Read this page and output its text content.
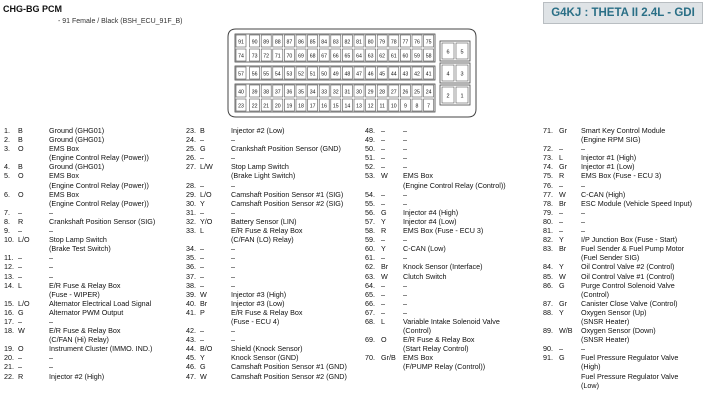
CHG-BG PCM
- 91 Female / Black (BSH_ECU_91F_B)
G4KJ : THETA II 2.4L - GDI
91 90 89 88 87 86 85 84 83 82 81 80 79 78 77 76 75
74 73 72 71 70 69 68 67 66 65 64 63 62 61 60 59 58
57 56 55 54 53 52 51 50 49 48 47 46 45 44 43 42 41
40 39 38 37 36 35 34 33 32 31 30 29 28 27 26 25 24
23 22 21 20 19 18 17 16 15 14 13 12 11 10 9 8 7
6 5
4 3
2 1
1. B	Ground (GHG01)
2. B	Ground (GHG01)
3. O	EMS Box
(Engine Control Relay (Power))
4. B	Ground (GHG01)
5. O	EMS Box
(Engine Control Relay (Power))
6. O	EMS Box
(Engine Control Relay (Power))
7. –	–
8. R	Crankshaft Position Sensor (SIG)
9. –	–
10. L/O	Stop Lamp Switch
(Brake Test Switch)
11. –	–
12. –	–
13. –	–
14. L	E/R Fuse & Relay Box
(Fuse - WIPER)
15. L/O	Alternator Electrical Load Signal
16. G	Alternator PWM Output
17. –	–
18. W	E/R Fuse & Relay Box
(C/FAN (Hi) Relay)
19. O	Instrument Cluster (IMMO. IND.)
20. –	–
21. –	–
22. R	Injector #2 (High)
23. B	Injector #2 (Low)
24. –	–
25. G	Crankshaft Position Sensor (GND)
26. –	–
27. L/W	Stop Lamp Switch
(Brake Light Switch)
28. –	–
29. L/O	Camshaft Position Sensor #1 (SIG)
30. Y	Camshaft Position Sensor #2 (SIG)
31. –	–
32. Y/O	Battery Sensor (LIN)
33. L	E/R Fuse & Relay Box
(C/FAN (LO) Relay)
34. –	–
35. –	–
36. –	–
37. –	–
38. –	–
39. W	Injector #3 (High)
40. Br	Injector #3 (Low)
41. P	E/R Fuse & Relay Box
(Fuse - ECU 4)
42. –	–
43. –	–
44. B/O	Shield (Knock Sensor)
45. Y	Knock Sensor (GND)
46. G	Camshaft Position Sensor #1 (GND)
47. W	Camshaft Position Sensor #2 (GND)
48. –	–
49. –	–
50. –	–
51. –	–
52. –	–
53. W EMS Box
(Engine Control Relay (Control))
54. –	–
55. –	–
56. G Injector #4 (High)
57. Y Injector #4 (Low)
58. R EMS Box (Fuse - ECU 3)
59. –	–
60. Y C-CAN (Low)
61. –	–
62. Br Knock Sensor (Interface)
63. W Clutch Switch
64. –	–
65. –	–
66. –	–
67. –	–
68. L	Variable Intake Solenoid Valve
(Control)
69. O E/R Fuse & Relay Box
(Start Relay Control)
70. Gr/B EMS Box
(F/PUMP Relay (Control))
71. Gr Smart Key Control Module
(Engine RPM SIG)
72. –	–
73. L	Injector #1 (High)
74. Gr Injector #1 (Low)
75. R EMS Box (Fuse - ECU 3)
76. –	–
77. W C-CAN (High)
78. Br ESC Module (Vehicle Speed Input)
79. –	–
80. –	–
81. –	–
82. Y I/P Junction Box (Fuse - Start)
83. Br Fuel Sender & Fuel Pump Motor
(Fuel Sender SIG)
84. Y Oil Control Valve #2 (Control)
85. W Oil Control Valve #1 (Control)
86. G Purge Control Solenoid Valve
(Control)
87. Gr Canister Close Valve (Control)
88. Y Oxygen Sensor (Up)
(SNSR Heater)
89. W/B Oxygen Sensor (Down)
(SNSR Heater)
90. –	–
91. G Fuel Pressure Regulator Valve
(High)
Fuel Pressure Regulator Valve
(Low)
